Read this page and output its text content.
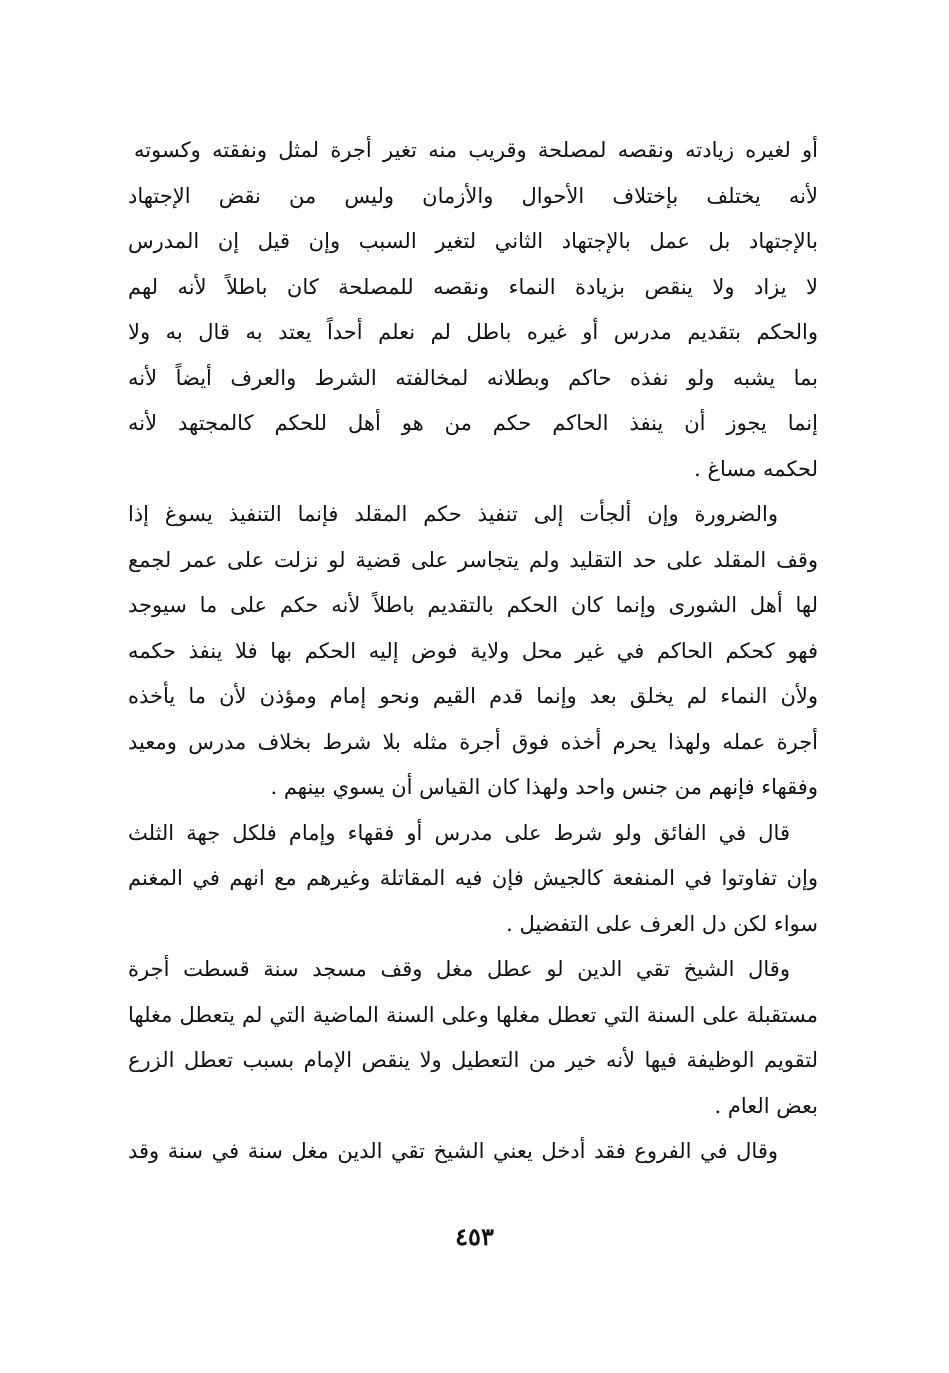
أو لغيره زيادته ونقصه لمصلحة وقريب منه تغير أجرة لمثل ونفقته وكسوته
لأنه يختلف بإختلاف الأحوال والأزمان وليس من نقض الإجتهاد
بالإجتهاد بل عمل بالإجتهاد الثاني لتغير السبب وإن قيل إن المدرس
لا يزاد ولا ينقص بزيادة النماء ونقصه للمصلحة كان باطلاً لأنه لهم
والحكم بتقديم مدرس أو غيره باطل لم نعلم أحداً يعتد به قال به ولا
بما يشبه ولو نفذه حاكم وبطلانه لمخالفته الشرط والعرف أيضاً لأنه
إنما يجوز أن ينفذ الحاكم حكم من هو أهل للحكم كالمجتهد لأنه
لحكمه مساغ .
والضرورة وإن ألجأت إلى تنفيذ حكم المقلد فإنما التنفيذ يسوغ إذا
وقف المقلد على حد التقليد ولم يتجاسر على قضية لو نزلت على عمر لجمع
لها أهل الشورى وإنما كان الحكم بالتقديم باطلاً لأنه حكم على ما سيوجد
فهو كحكم الحاكم في غير محل ولاية فوض إليه الحكم بها فلا ينفذ حكمه
ولأن النماء لم يخلق بعد وإنما قدم القيم ونحو إمام ومؤذن لأن ما يأخذه
أجرة عمله ولهذا يحرم أخذه فوق أجرة مثله بلا شرط بخلاف مدرس ومعيد
وفقهاء فإنهم من جنس واحد ولهذا كان القياس أن يسوي بينهم .
قال في الفائق ولو شرط على مدرس أو فقهاء وإمام فلكل جهة الثلث
وإن تفاوتوا في المنفعة كالجيش فإن فيه المقاتلة وغيرهم مع انهم في المغنم
سواء لكن دل العرف على التفضيل .
وقال الشيخ تقي الدين لو عطل مغل وقف مسجد سنة قسطت أجرة
مستقبلة على السنة التي تعطل مغلها وعلى السنة الماضية التي لم يتعطل مغلها
لتقويم الوظيفة فيها لأنه خير من التعطيل ولا ينقص الإمام بسبب تعطل الزرع
بعض العام .
وقال في الفروع فقد أدخل يعني الشيخ تقي الدين مغل سنة في سنة وقد
٤٥٣
